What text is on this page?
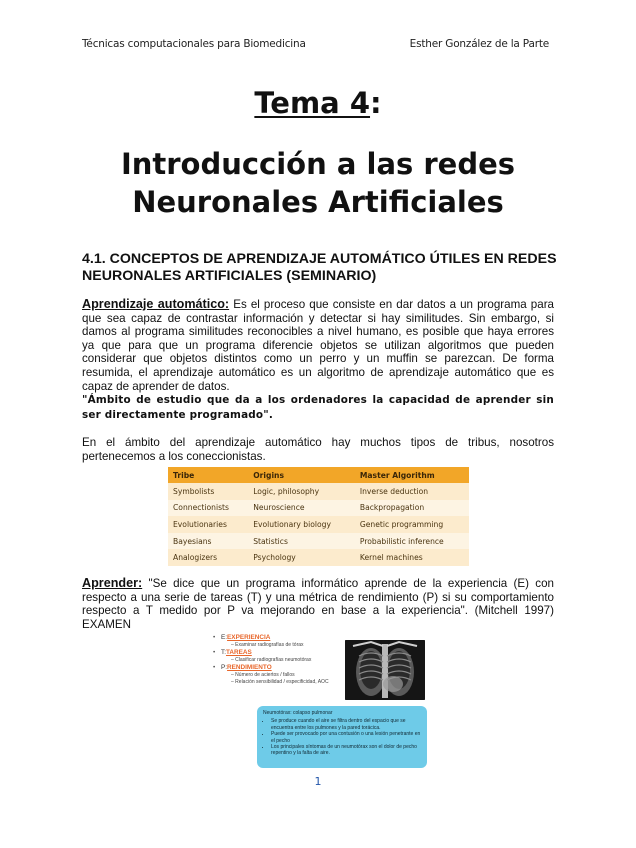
Técnicas computacionales para Biomedicina	Esther González de la Parte
Tema 4:
Introducción a las redes
Neuronales Artificiales
4.1. CONCEPTOS DE APRENDIZAJE AUTOMÁTICO ÚTILES EN REDES NEURONALES ARTIFICIALES (SEMINARIO)
Aprendizaje automático: Es el proceso que consiste en dar datos a un programa para que sea capaz de contrastar información y detectar si hay similitudes. Sin embargo, si damos al programa similitudes reconocibles a nivel humano, es posible que haya errores ya que para que un programa diferencie objetos se utilizan algoritmos que pueden considerar que objetos distintos como un perro y un muffin se parezcan. De forma resumida, el aprendizaje automático es un algoritmo de aprendizaje automático que es capaz de aprender de datos.
"Ámbito de estudio que da a los ordenadores la capacidad de aprender sin ser directamente programado".
En el ámbito del aprendizaje automático hay muchos tipos de tribus, nosotros pertenecemos a los coneccionistas.
Tribe	Origins	Master Algorithm
Symbolists	Logic, philosophy	Inverse deduction
Connectionists	Neuroscience	Backpropagation
Evolutionaries	Evolutionary biology	Genetic programming
Bayesians	Statistics	Probabilistic inference
Analogizers	Psychology	Kernel machines
Aprender: "Se dice que un programa informático aprende de la experiencia (E) con respecto a una serie de tareas (T) y una métrica de rendimiento (P) si su comportamiento respecto a T medido por P va mejorando en base a la experiencia". (Mitchell 1997) EXAMEN
• E: EXPERIENCIA
– Examinar radiografías de tórax
• T: TAREAS
– Clasificar radiografías neumotórax
• P: RENDIMIENTO
– Número de aciertos / fallos
– Relación sensibilidad / especificidad, AOC
Neumotórax: colapso pulmonar
• Se produce cuando el aire se filtra dentro del espacio que se encuentra entre los pulmones y la pared torácica.
• Puede ser provocado por una contusión o una lesión penetrante en el pecho
• Los principales síntomas de un neumotórax son el dolor de pecho repentino y la falta de aire.
1
